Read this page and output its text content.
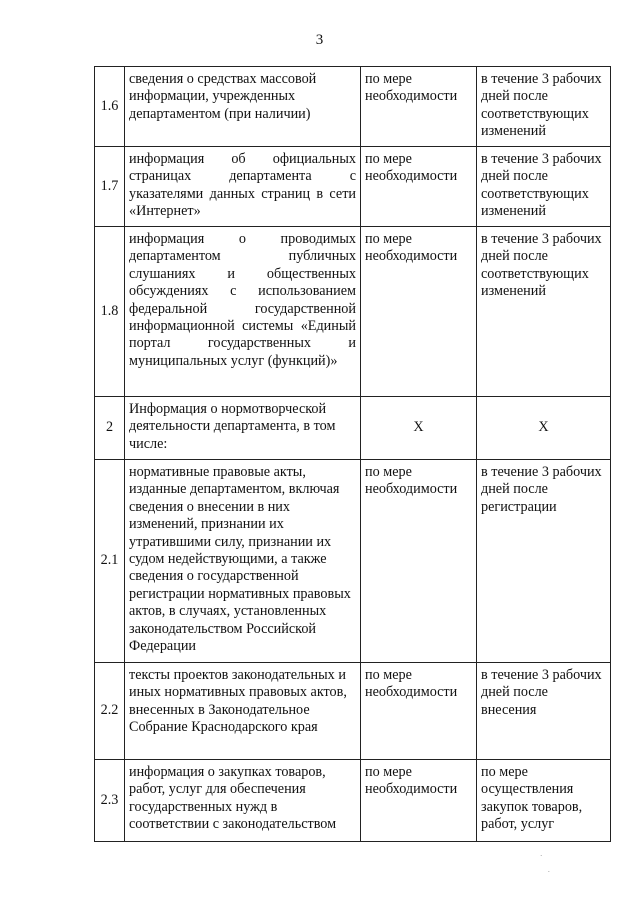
3
1.6	сведения о средствах массовой информации, учрежденных департаментом (при наличии)	по мере необходимости	в течение 3 рабочих дней после соответствующих изменений
1.7	информация об официальных страницах департамента с указателями данных страниц в сети «Интернет»	по мере необходимости	в течение 3 рабочих дней после соответствующих изменений
1.8	информация о проводимых департаментом публичных слушаниях и общественных обсуждениях с использованием федеральной государственной информационной системы «Единый портал государственных и муниципальных услуг (функций)»	по мере необходимости	в течение 3 рабочих дней после соответствующих изменений
2	Информация о нормотворческой деятельности департамента, в том числе:	Х	Х
2.1	нормативные правовые акты, изданные департаментом, включая сведения о внесении в них изменений, признании их утратившими силу, признании их судом недействующими, а также сведения о государственной регистрации нормативных правовых актов, в случаях, установленных законодательством Российской Федерации	по мере необходимости	в течение 3 рабочих дней после регистрации
2.2	тексты проектов законодательных и иных нормативных правовых актов, внесенных в Законодательное Собрание Краснодарского края	по мере необходимости	в течение 3 рабочих дней после внесения
2.3	информация о закупках товаров, работ, услуг для обеспечения государственных нужд в соответствии с законодательством	по мере необходимости	по мере осуществления закупок товаров, работ, услуг
·
.
